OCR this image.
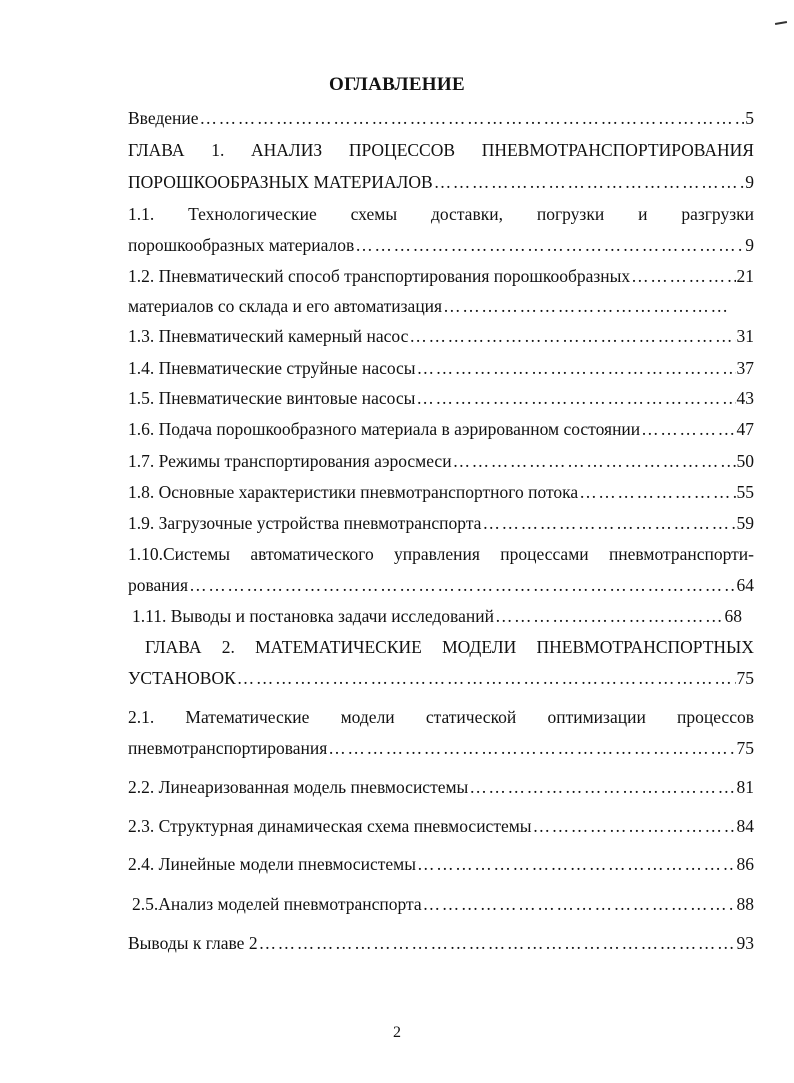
ОГЛАВЛЕНИЕ
Введение ……………………………………………………………………………………………………………………………………………………………………………………………………………………………	5
ГЛАВА 1. АНАЛИЗ ПРОЦЕССОВ ПНЕВМОТРАНСПОРТИРОВАНИЯ
ПОРОШКООБРАЗНЫХ МАТЕРИАЛОВ ……………………………………………………………………………………………………………………………………………………………………………………………………………………………	9
1.1. Технологические схемы доставки, погрузки и разгрузки
порошкообразных материалов ……………………………………………………………………………………………………………………………………………………………………………………………………………………………	9
1.2. Пневматический способ транспортирования порошкообразных ……………………………………………………………………………………………………………………………………………………………………………………………………………………………	21
материалов со склада и его автоматизация
……………………………………………………………………………………………………………………………………………………………………………………………………………………………
1.3. Пневматический камерный насос ……………………………………………………………………………………………………………………………………………………………………………………………………………………………	31
1.4. Пневматические струйные насосы ……………………………………………………………………………………………………………………………………………………………………………………………………………………………	37
1.5. Пневматические винтовые насосы ……………………………………………………………………………………………………………………………………………………………………………………………………………………………	43
1.6. Подача порошкообразного материала в аэрированном состоянии ……………………………………………………………………………………………………………………………………………………………………………………………………………………………	47
1.7. Режимы транспортирования аэросмеси ……………………………………………………………………………………………………………………………………………………………………………………………………………………………	50
1.8. Основные характеристики пневмотранспортного потока ……………………………………………………………………………………………………………………………………………………………………………………………………………………………	55
1.9. Загрузочные устройства пневмотранспорта ……………………………………………………………………………………………………………………………………………………………………………………………………………………………	59
1.10.Системы автоматического управления процессами пневмотранспорти-
рования ……………………………………………………………………………………………………………………………………………………………………………………………………………………………	64
1.11. Выводы и постановка задачи исследований ……………………………………………………………………………………………………………………………………………………………………………………………………………………………	68
ГЛАВА 2. МАТЕМАТИЧЕСКИЕ МОДЕЛИ ПНЕВМОТРАНСПОРТНЫХ
УСТАНОВОК ……………………………………………………………………………………………………………………………………………………………………………………………………………………………	75
2.1. Математические модели статической оптимизации процессов
пневмотранспортирования ……………………………………………………………………………………………………………………………………………………………………………………………………………………………	75
2.2. Линеаризованная модель пневмосистемы ……………………………………………………………………………………………………………………………………………………………………………………………………………………………	81
2.3. Структурная динамическая схема пневмосистемы ……………………………………………………………………………………………………………………………………………………………………………………………………………………………	84
2.4. Линейные модели пневмосистемы ……………………………………………………………………………………………………………………………………………………………………………………………………………………………	86
2.5.Анализ моделей пневмотранспорта ……………………………………………………………………………………………………………………………………………………………………………………………………………………………	88
Выводы к главе 2 ……………………………………………………………………………………………………………………………………………………………………………………………………………………………	93
2
